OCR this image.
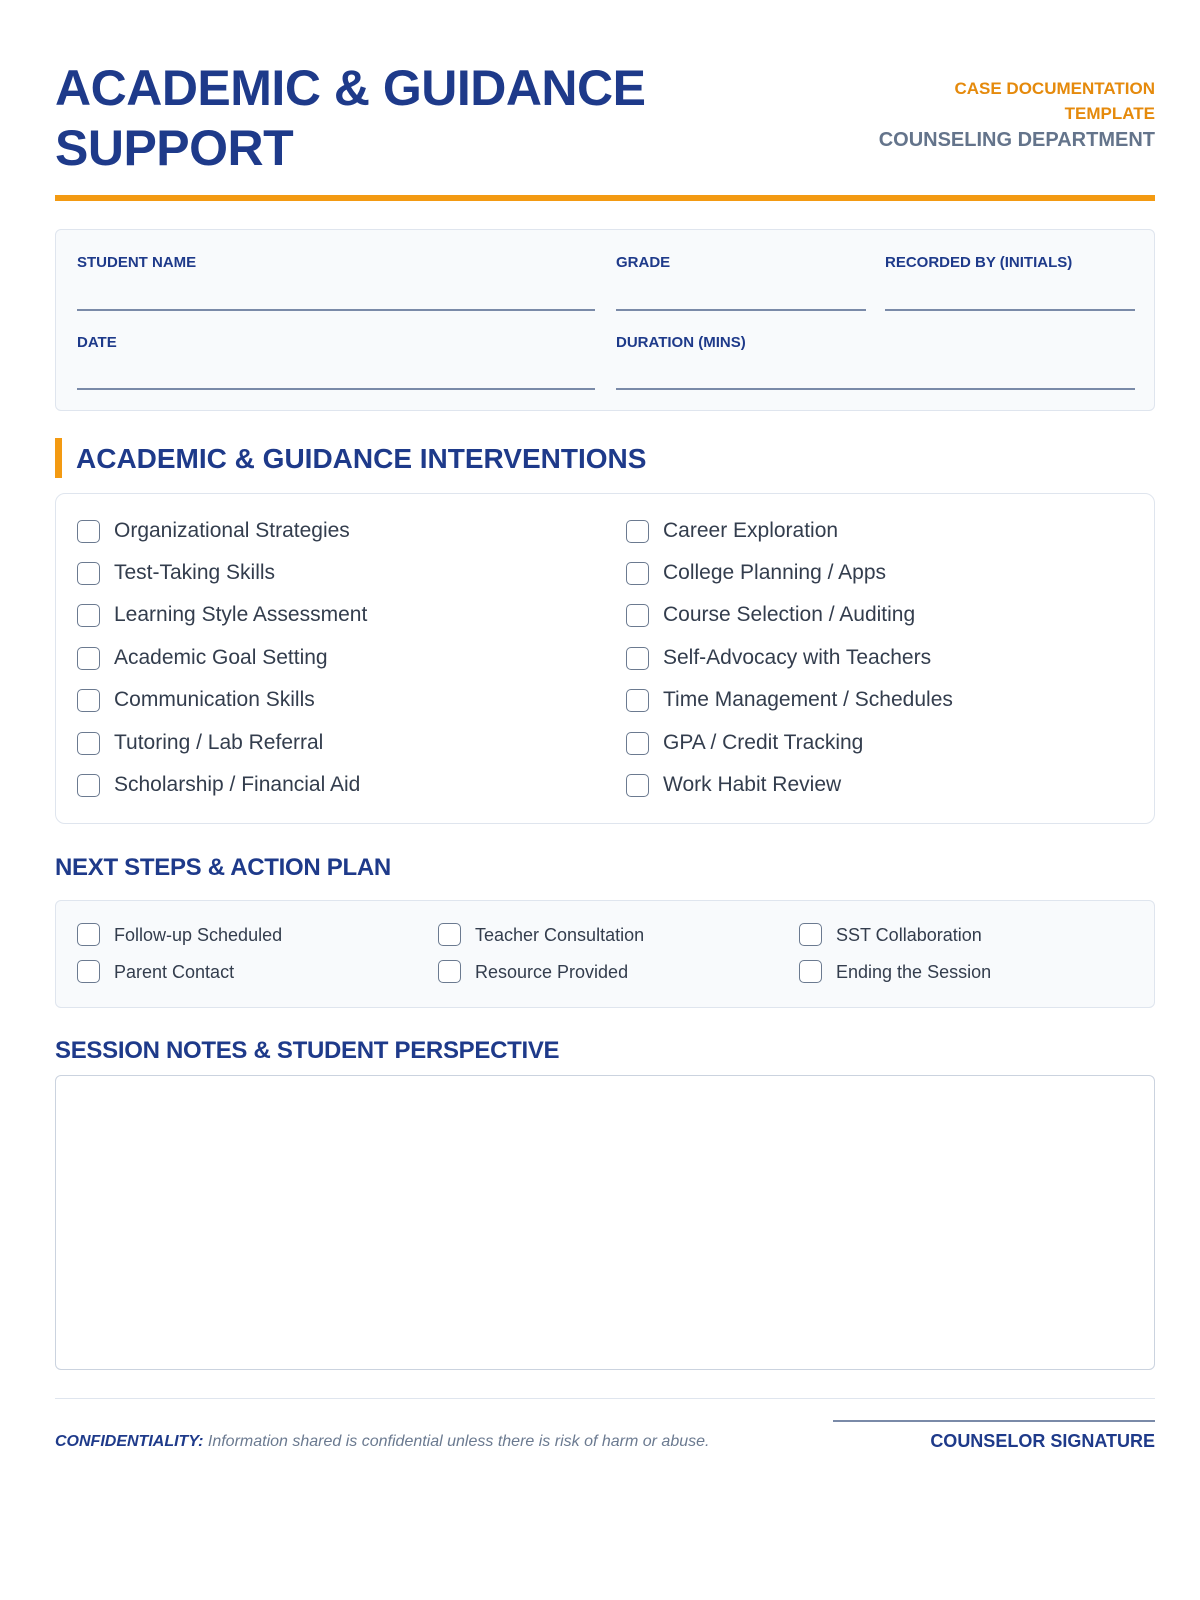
ACADEMIC & GUIDANCE
SUPPORT
CASE DOCUMENTATION
TEMPLATE
COUNSELING DEPARTMENT
STUDENT NAME	GRADE	RECORDED BY (INITIALS)
DATE	DURATION (MINS)
ACADEMIC & GUIDANCE INTERVENTIONS
Organizational Strategies
Test-Taking Skills
Learning Style Assessment
Academic Goal Setting
Communication Skills
Tutoring / Lab Referral
Scholarship / Financial Aid
Career Exploration
College Planning / Apps
Course Selection / Auditing
Self-Advocacy with Teachers
Time Management / Schedules
GPA / Credit Tracking
Work Habit Review
NEXT STEPS & ACTION PLAN
Follow-up Scheduled	Teacher Consultation	SST Collaboration
Parent Contact	Resource Provided	Ending the Session
SESSION NOTES & STUDENT PERSPECTIVE
CONFIDENTIALITY: Information shared is confidential unless there is risk of harm or abuse.	COUNSELOR SIGNATURE
